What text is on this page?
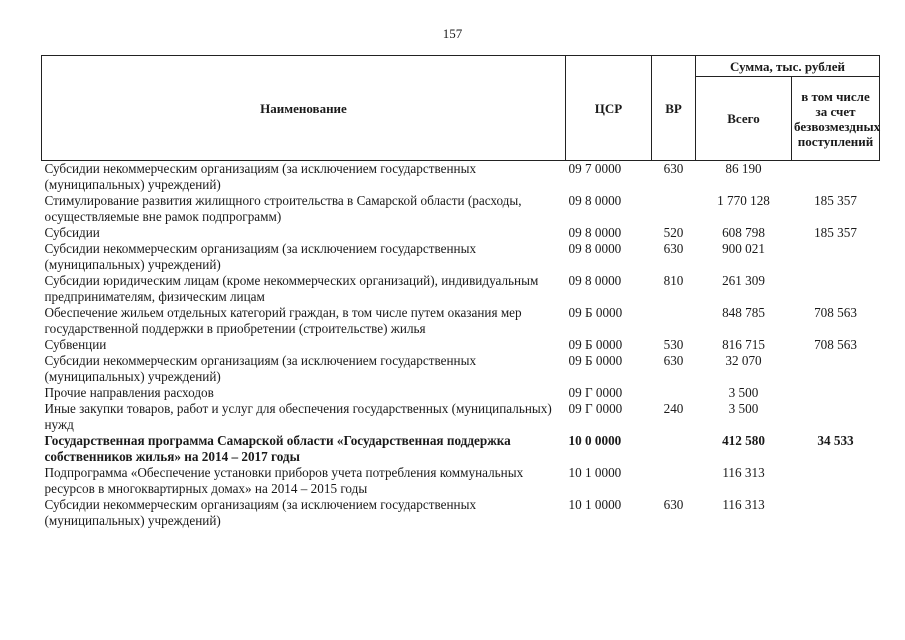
157
Наименование	ЦСР	ВР	Сумма, тыс. рублей	
			Всего	в том числе за счет безвозмездных поступлений
Субсидии некоммерческим организациям (за исключением государственных (муниципальных) учреждений)	09 7 0000	630	86 190	
Стимулирование развития жилищного строительства в Самарской области (расходы, осуществляемые вне рамок подпрограмм)	09 8 0000		1 770 128	185 357
Субсидии	09 8 0000	520	608 798	185 357
Субсидии некоммерческим организациям (за исключением государственных (муниципальных) учреждений)	09 8 0000	630	900 021	
Субсидии юридическим лицам (кроме некоммерческих организаций), индивидуальным предпринимателям, физическим лицам	09 8 0000	810	261 309	
Обеспечение жильем отдельных категорий граждан, в том числе путем оказания мер государственной поддержки в приобретении (строительстве) жилья	09 Б 0000		848 785	708 563
Субвенции	09 Б 0000	530	816 715	708 563
Субсидии некоммерческим организациям (за исключением государственных (муниципальных) учреждений)	09 Б 0000	630	32 070	
Прочие направления расходов	09 Г 0000		3 500	
Иные закупки товаров, работ и услуг для обеспечения государственных (муниципальных) нужд	09 Г 0000	240	3 500	
Государственная программа Самарской области «Государственная поддержка собственников жилья» на 2014 – 2017 годы	10 0 0000		412 580	34 533
Подпрограмма «Обеспечение установки приборов учета потребления коммунальных ресурсов в многоквартирных домах» на 2014 – 2015 годы	10 1 0000		116 313	
Субсидии некоммерческим организациям (за исключением государственных (муниципальных) учреждений)	10 1 0000	630	116 313	
